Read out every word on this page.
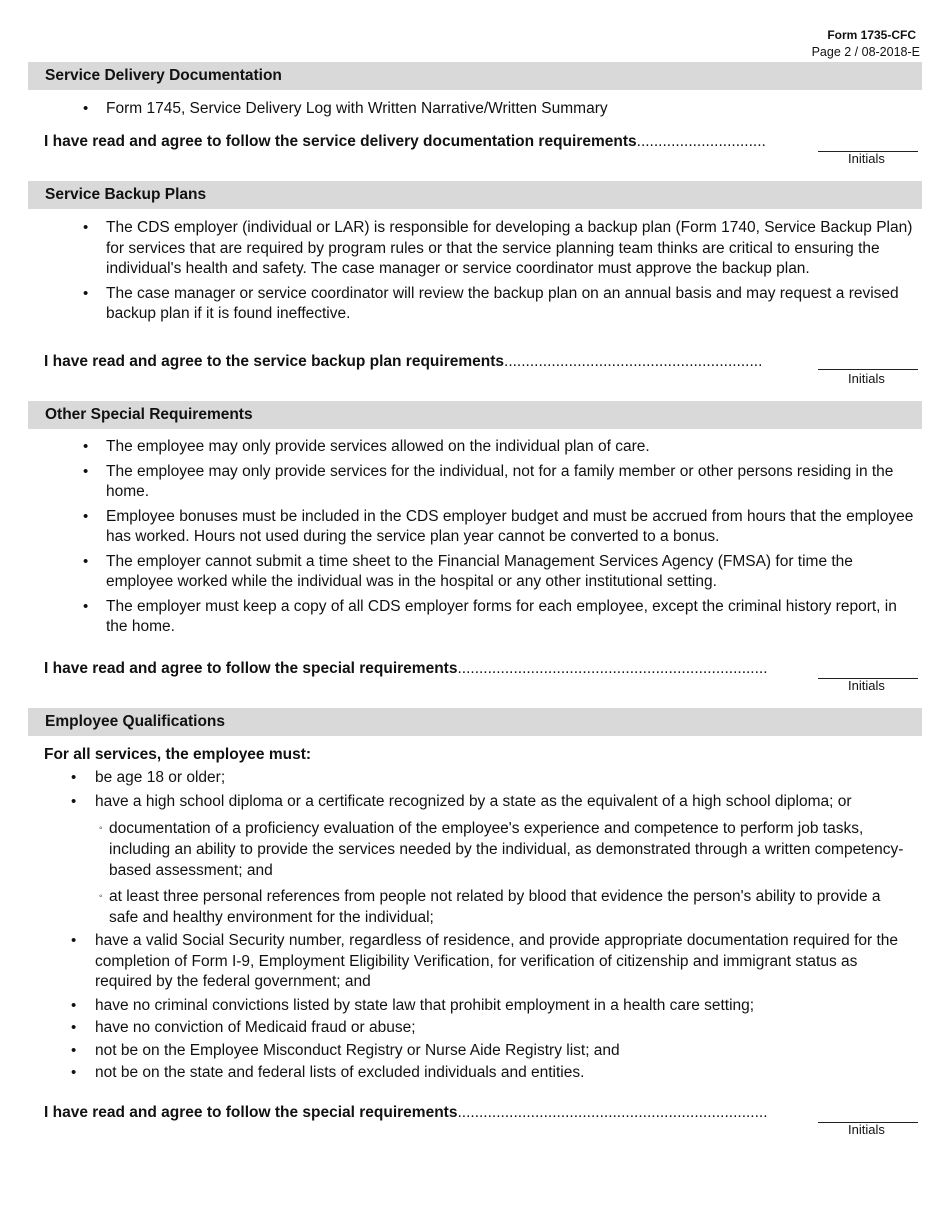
Form 1735-CFC
Page 2 / 08-2018-E
Service Delivery Documentation
• Form 1745, Service Delivery Log with Written Narrative/Written Summary
I have read and agree to follow the service delivery documentation requirements..............................
Initials
Service Backup Plans
• The CDS employer (individual or LAR) is responsible for developing a backup plan (Form 1740, Service Backup Plan) for services that are required by program rules or that the service planning team thinks are critical to ensuring the individual's health and safety. The case manager or service coordinator must approve the backup plan.
• The case manager or service coordinator will review the backup plan on an annual basis and may request a revised backup plan if it is found ineffective.
I have read and agree to the service backup plan requirements............................................................
Initials
Other Special Requirements
• The employee may only provide services allowed on the individual plan of care.
• The employee may only provide services for the individual, not for a family member or other persons residing in the home.
• Employee bonuses must be included in the CDS employer budget and must be accrued from hours that the employee has worked. Hours not used during the service plan year cannot be converted to a bonus.
• The employer cannot submit a time sheet to the Financial Management Services Agency (FMSA) for time the employee worked while the individual was in the hospital or any other institutional setting.
• The employer must keep a copy of all CDS employer forms for each employee, except the criminal history report, in the home.
I have read and agree to follow the special requirements........................................................................
Initials
Employee Qualifications
For all services, the employee must:
• be age 18 or older;
• have a high school diploma or a certificate recognized by a state as the equivalent of a high school diploma; or
◦ documentation of a proficiency evaluation of the employee's experience and competence to perform job tasks, including an ability to provide the services needed by the individual, as demonstrated through a written competency-based assessment; and
◦ at least three personal references from people not related by blood that evidence the person's ability to provide a safe and healthy environment for the individual;
• have a valid Social Security number, regardless of residence, and provide appropriate documentation required for the completion of Form I-9, Employment Eligibility Verification, for verification of citizenship and immigrant status as required by the federal government; and
• have no criminal convictions listed by state law that prohibit employment in a health care setting;
• have no conviction of Medicaid fraud or abuse;
• not be on the Employee Misconduct Registry or Nurse Aide Registry list; and
• not be on the state and federal lists of excluded individuals and entities.
I have read and agree to follow the special requirements........................................................................
Initials
